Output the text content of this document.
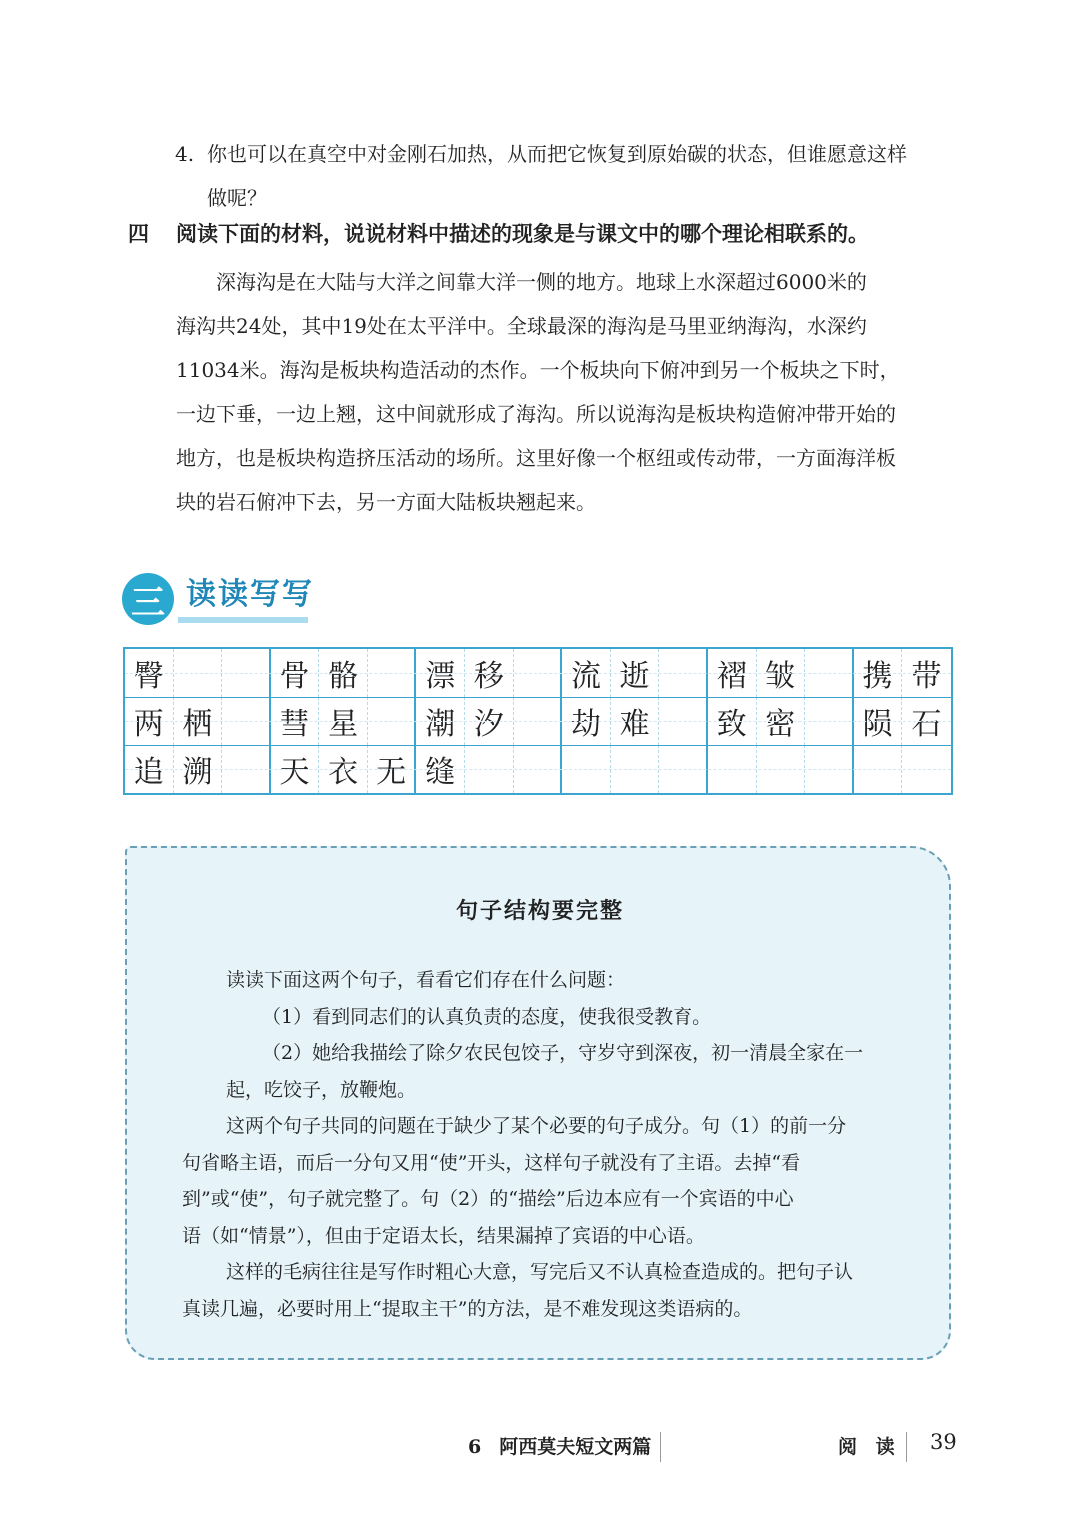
4. 你也可以在真空中对金刚石加热，从而把它恢复到原始碳的状态，但谁愿意这样
做呢？
四 阅读下面的材料，说说材料中描述的现象是与课文中的哪个理论相联系的。

　　深海沟是在大陆与大洋之间靠大洋一侧的地方。地球上水深超过6000米的

海沟共24处，其中19处在太平洋中。全球最深的海沟是马里亚纳海沟，水深约

11034米。海沟是板块构造活动的杰作。一个板块向下俯冲到另一个板块之下时，

一边下垂，一边上翘，这中间就形成了海沟。所以说海沟是板块构造俯冲带开始的

地方，也是板块构造挤压活动的场所。这里好像一个枢纽或传动带，一方面海洋板

块的岩石俯冲下去，另一方面大陆板块翘起来。

三 读读写写
臀	骨 骼	漂 移	流 逝	褶 皱	携 带
两 栖	彗 星	潮 汐	劫 难	致 密	陨 石
追 溯	天 衣 无 缝
句子结构要完整

读读下面这两个句子，看看它们存在什么问题：

（1）看到同志们的认真负责的态度，使我很受教育。

（2）她给我描绘了除夕农民包饺子，守岁守到深夜，初一清晨全家在一

起，吃饺子，放鞭炮。

这两个句子共同的问题在于缺少了某个必要的句子成分。句（1）的前一分

句省略主语，而后一分句又用“使”开头，这样句子就没有了主语。去掉“看

到”或“使”，句子就完整了。句（2）的“描绘”后边本应有一个宾语的中心

语（如“情景”），但由于定语太长，结果漏掉了宾语的中心语。

这样的毛病往往是写作时粗心大意，写完后又不认真检查造成的。把句子认

真读几遍，必要时用上“提取主干”的方法，是不难发现这类语病的。

6 阿西莫夫短文两篇	阅 读 39
